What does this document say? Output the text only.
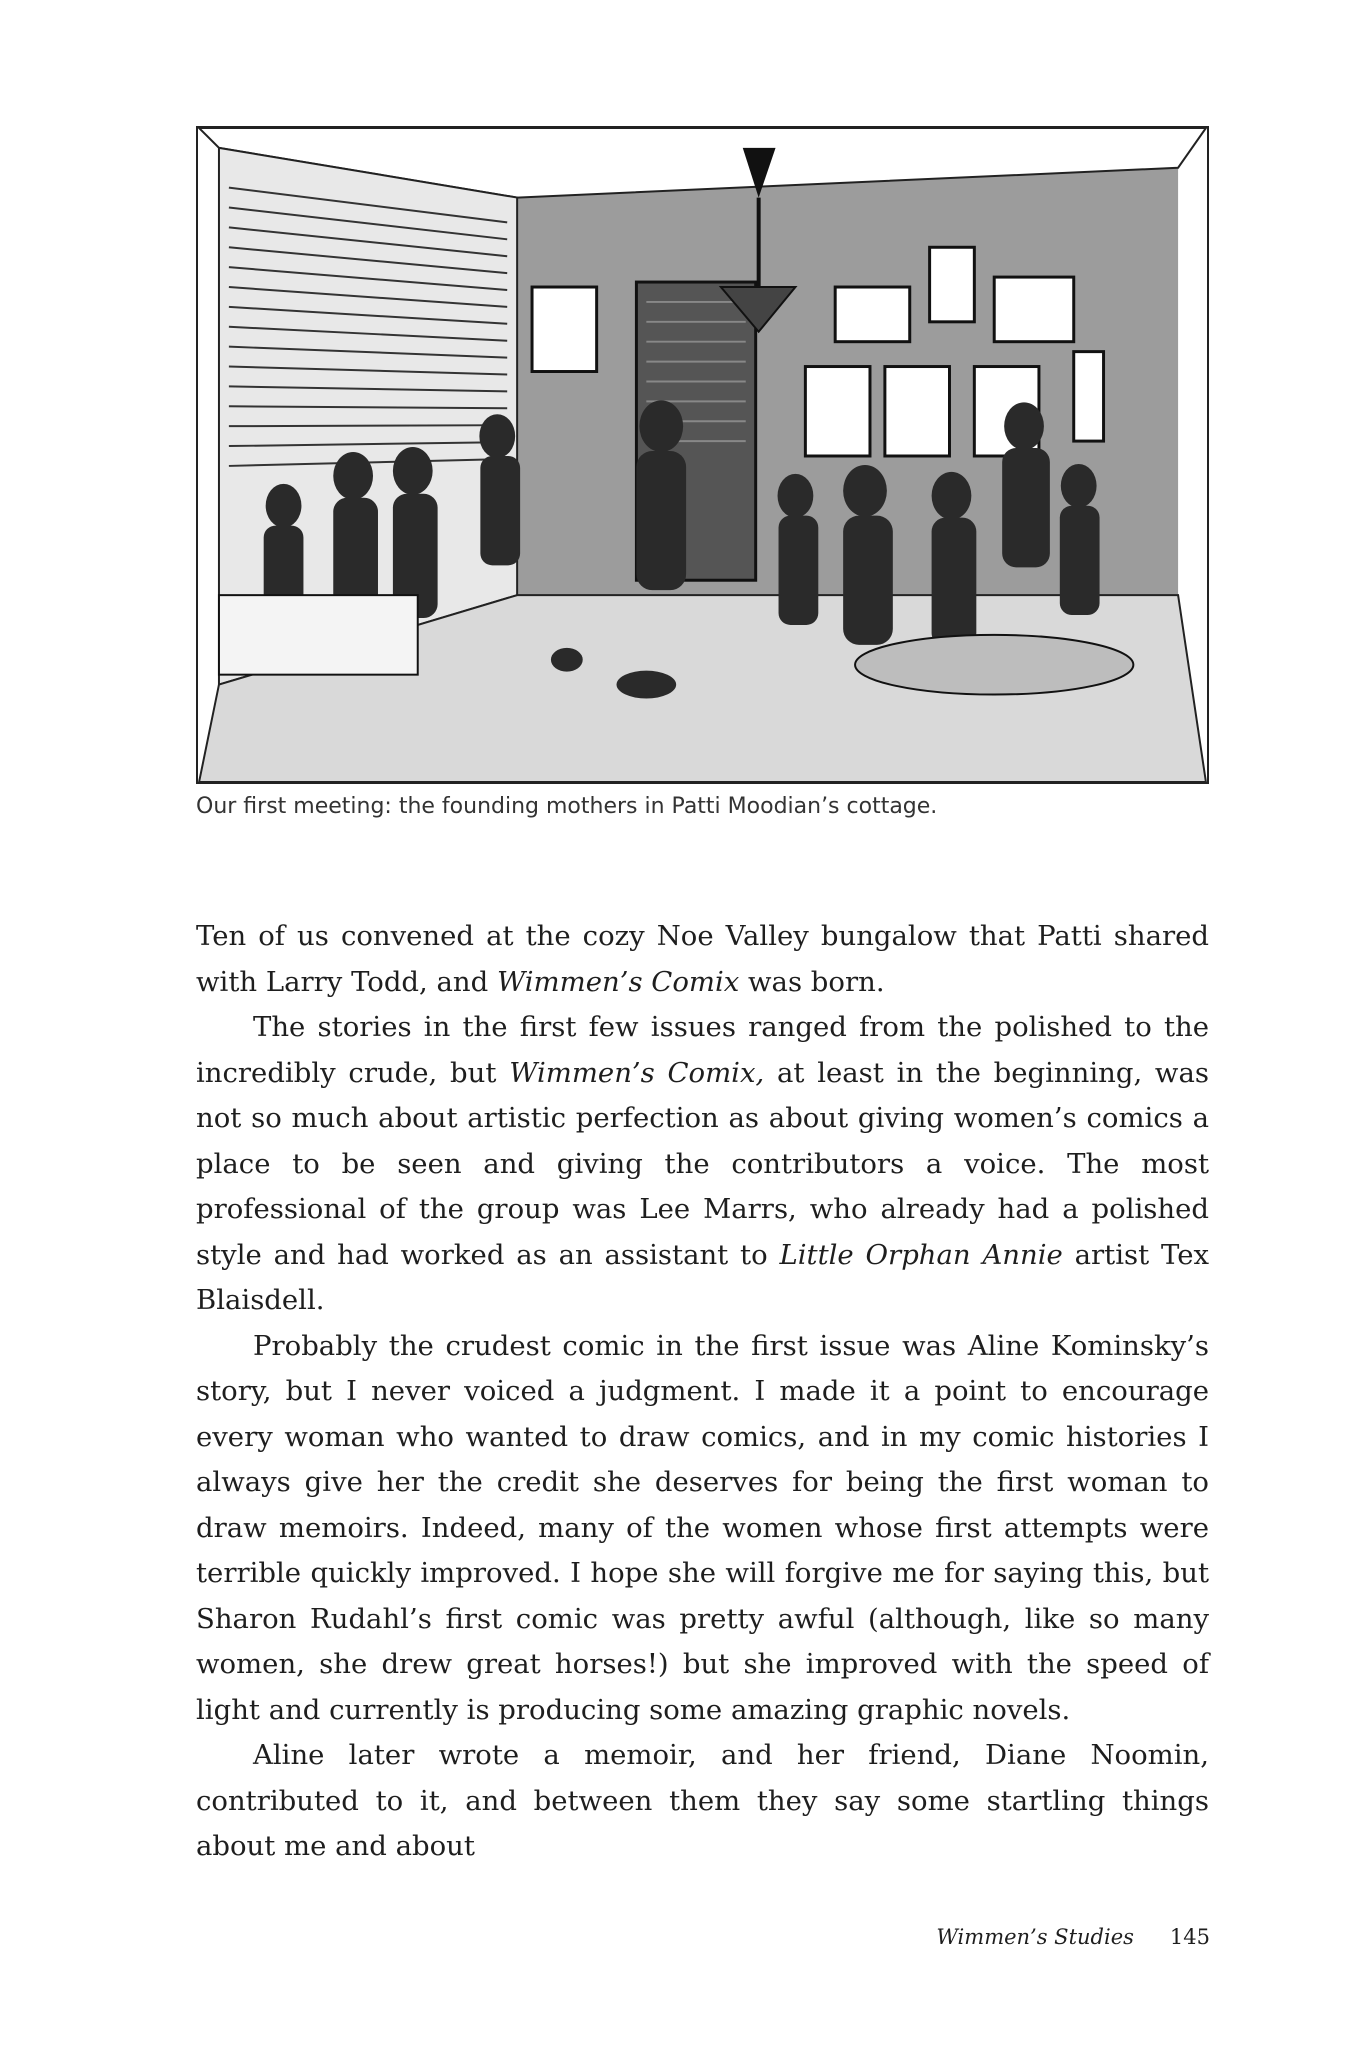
Our first meeting: the founding mothers in Patti Moodian’s cottage.

Ten of us convened at the cozy Noe Valley bungalow that Patti shared with Larry Todd, and Wimmen’s Comix was born.

The stories in the first few issues ranged from the polished to the incredibly crude, but Wimmen’s Comix, at least in the beginning, was not so much about artistic perfection as about giving women’s comics a place to be seen and giving the contributors a voice. The most professional of the group was Lee Marrs, who already had a polished style and had worked as an assistant to Little Orphan Annie artist Tex Blaisdell.

Probably the crudest comic in the first issue was Aline Kominsky’s story, but I never voiced a judgment. I made it a point to encourage every woman who wanted to draw comics, and in my comic histories I always give her the credit she deserves for being the first woman to draw memoirs. Indeed, many of the women whose first attempts were terrible quickly improved. I hope she will forgive me for saying this, but Sharon Rudahl’s first comic was pretty awful (although, like so many women, she drew great horses!) but she improved with the speed of light and currently is producing some amazing graphic novels.

Aline later wrote a memoir, and her friend, Diane Noomin, contributed to it, and between them they say some startling things about me and about

Wimmen’s Studies 145
